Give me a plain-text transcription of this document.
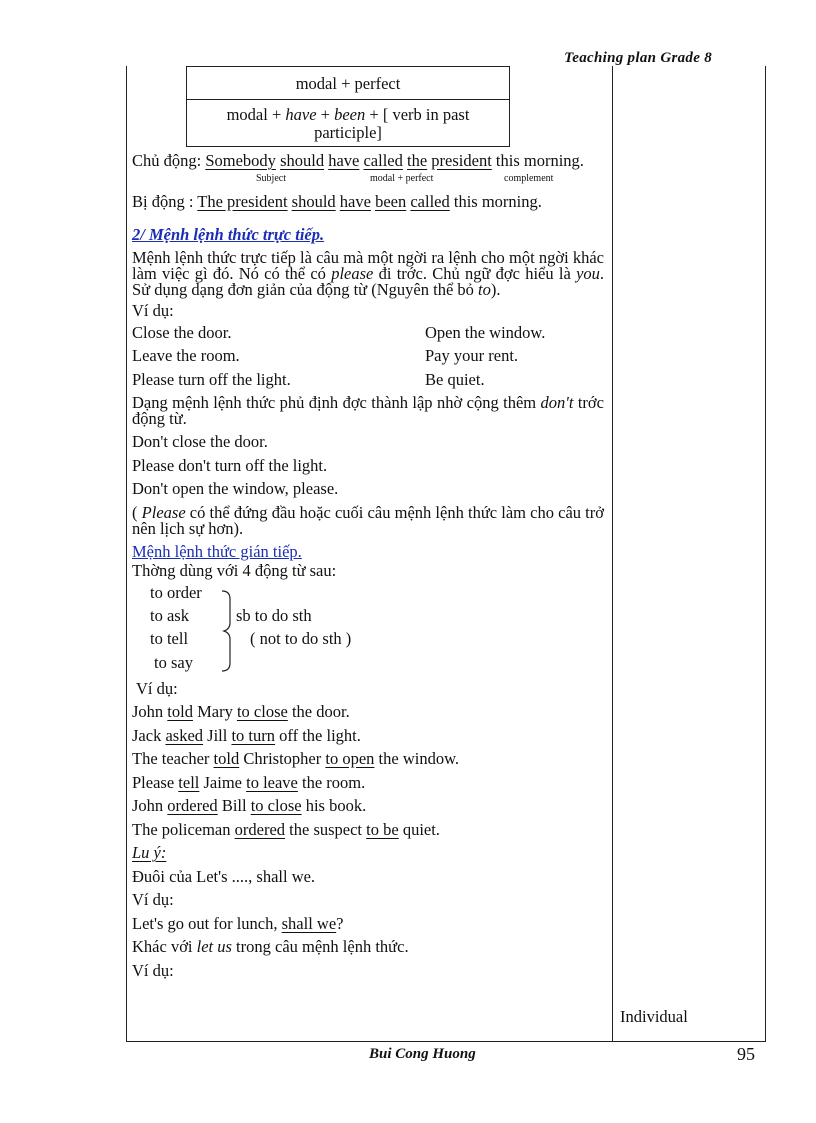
Teaching plan Grade 8
Individual
modal + perfect
modal + have + been + [ verb in past participle]

Chủ động: Somebody should have called the president this morning.

Subject	modal + perfect	complement

Bị động : The president should have been called this morning.

2/ Mệnh lệnh thức trực tiếp.

Mệnh lệnh thức trực tiếp là câu mà một ngời ra lệnh cho một ngời khác làm việc gì đó. Nó có thể có please đi trớc. Chủ ngữ đợc hiểu là you. Sử dụng dạng đơn giản của động từ (Nguyên thể bỏ to).

Ví dụ:

Close the door.	Open the window.
Leave the room.	Pay your rent.
Please turn off the light.	Be quiet.

Dạng mệnh lệnh thức phủ định đợc thành lập nhờ cộng thêm don't trớc động từ.

Don't close the door.

Please don't turn off the light.

Don't open the window, please.

( Please có thể đứng đầu hoặc cuối câu mệnh lệnh thức làm cho câu trở nên lịch sự hơn).

Mệnh lệnh thức gián tiếp.

Thờng dùng với 4 động từ sau:

to order
to ask
to tell
to say
sb to do sth
( not to do sth )

Ví dụ:

John told Mary to close the door.

Jack asked Jill to turn off the light.

The teacher told Christopher to open the window.

Please tell Jaime to leave the room.

John ordered Bill to close his book.

The policeman ordered the suspect to be quiet.

Lu ý:

Đuôi của Let's ...., shall we.

Ví dụ:

Let's go out for lunch, shall we?

Khác với let us trong câu mệnh lệnh thức.

Ví dụ:

Bui Cong Huong	95
